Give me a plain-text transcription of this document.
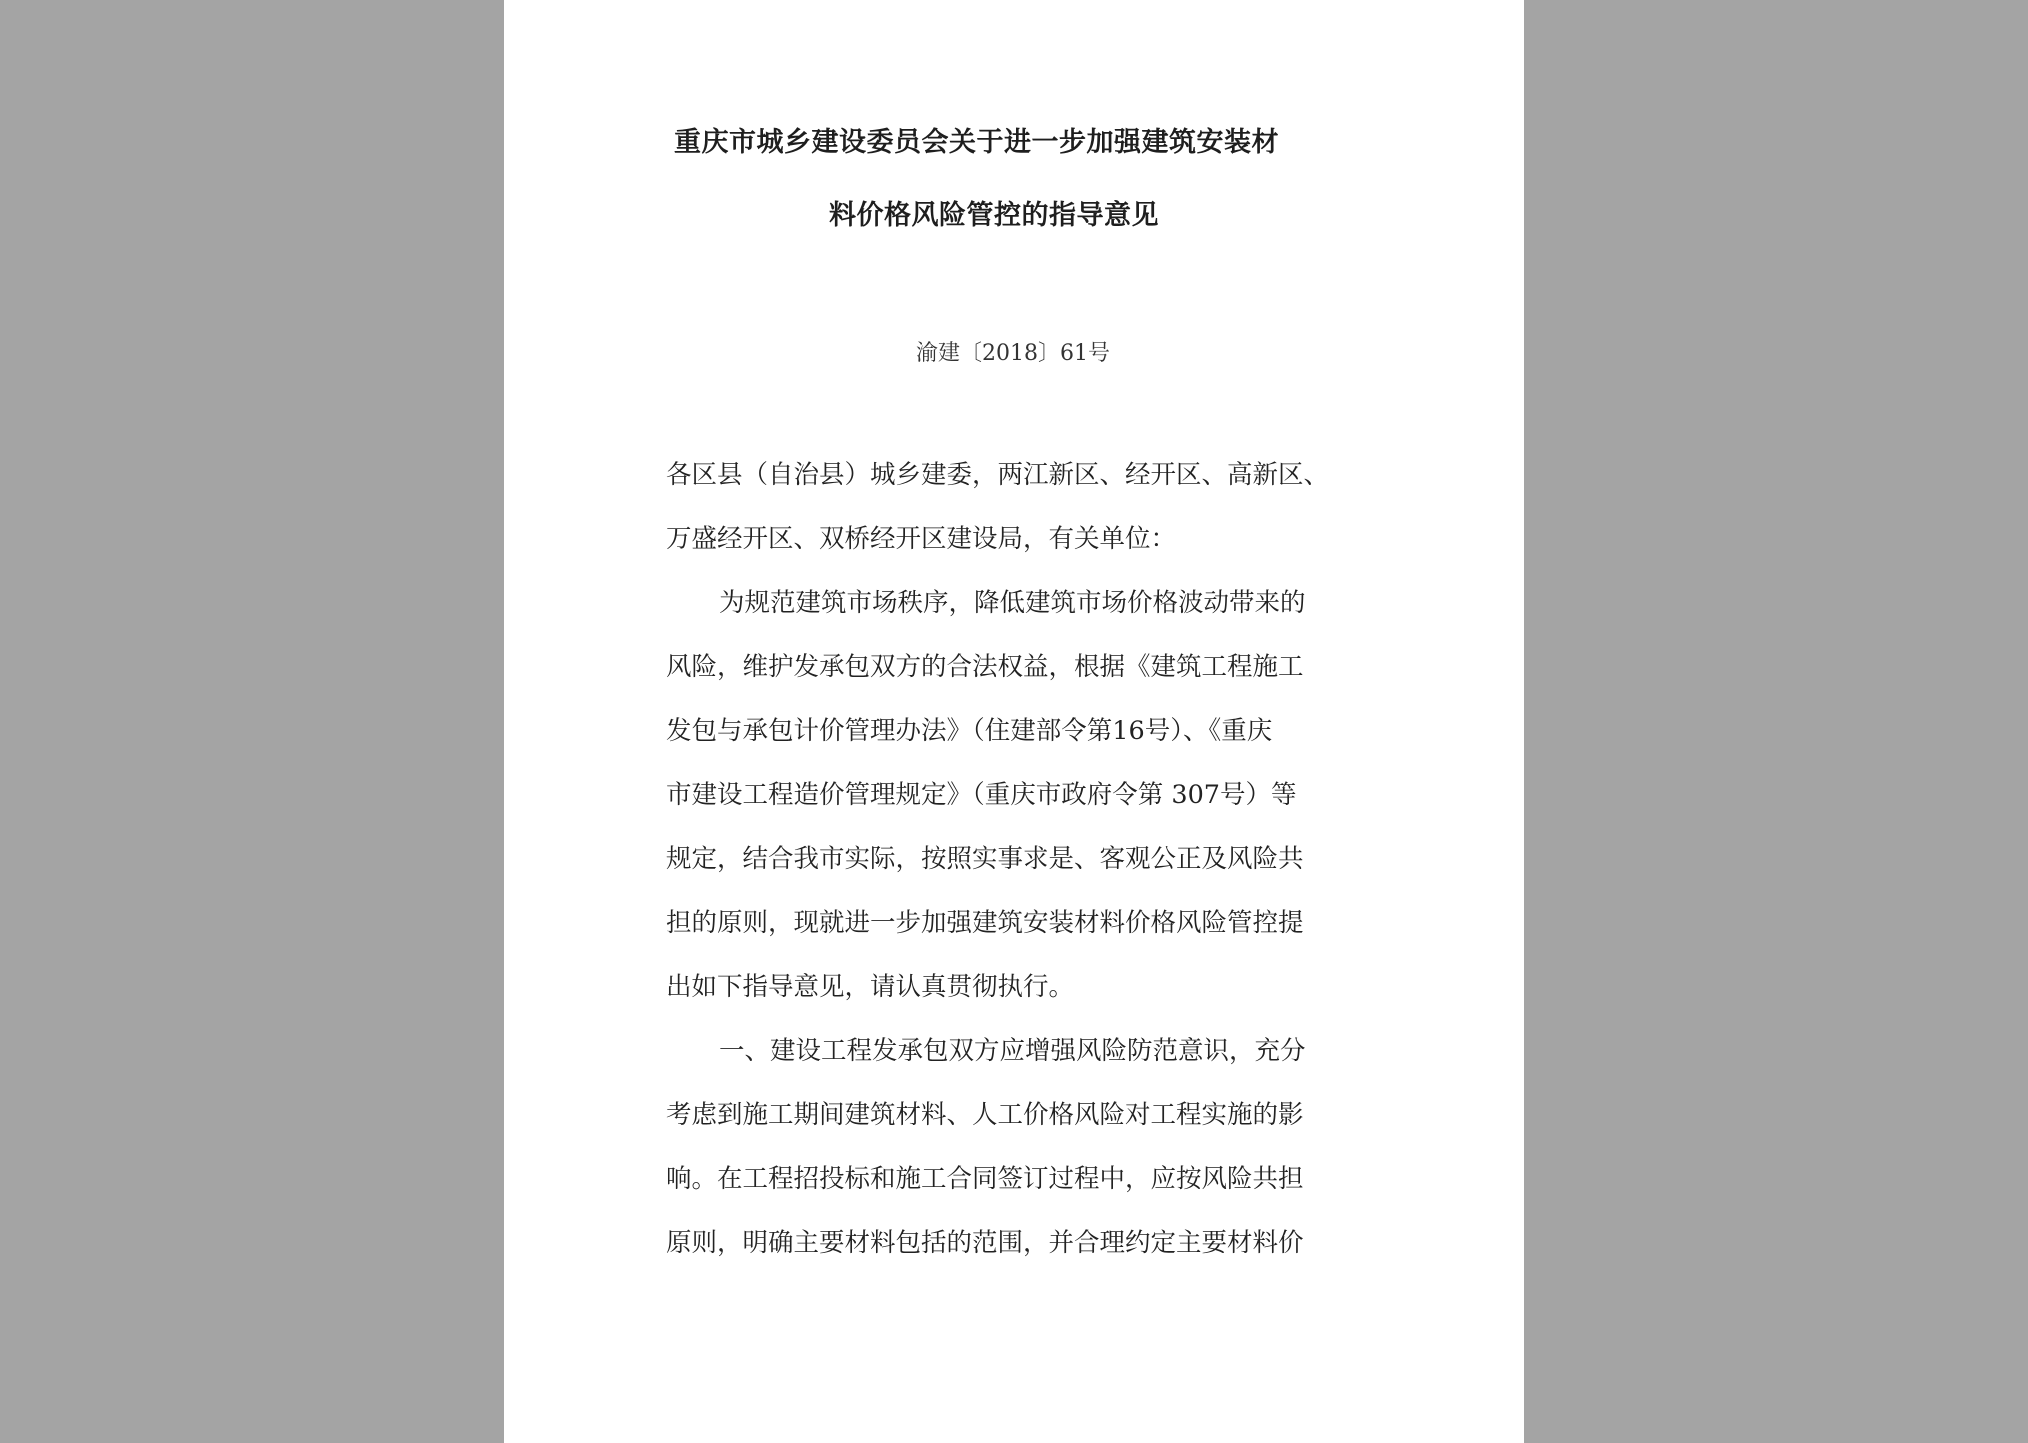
重庆市城乡建设委员会关于进一步加强建筑安装材
料价格风险管控的指导意见
渝建〔2018〕61号

各区县（自治县）城乡建委，两江新区、经开区、高新区、

万盛经开区、双桥经开区建设局，有关单位：

为规范建筑市场秩序，降低建筑市场价格波动带来的

风险，维护发承包双方的合法权益，根据《建筑工程施工

发包与承包计价管理办法》（住建部令第16号）、《重庆

市建设工程造价管理规定》（重庆市政府令第 307号）等

规定，结合我市实际，按照实事求是、客观公正及风险共

担的原则，现就进一步加强建筑安装材料价格风险管控提

出如下指导意见，请认真贯彻执行。

一、建设工程发承包双方应增强风险防范意识，充分

考虑到施工期间建筑材料、人工价格风险对工程实施的影

响。在工程招投标和施工合同签订过程中，应按风险共担

原则，明确主要材料包括的范围，并合理约定主要材料价
